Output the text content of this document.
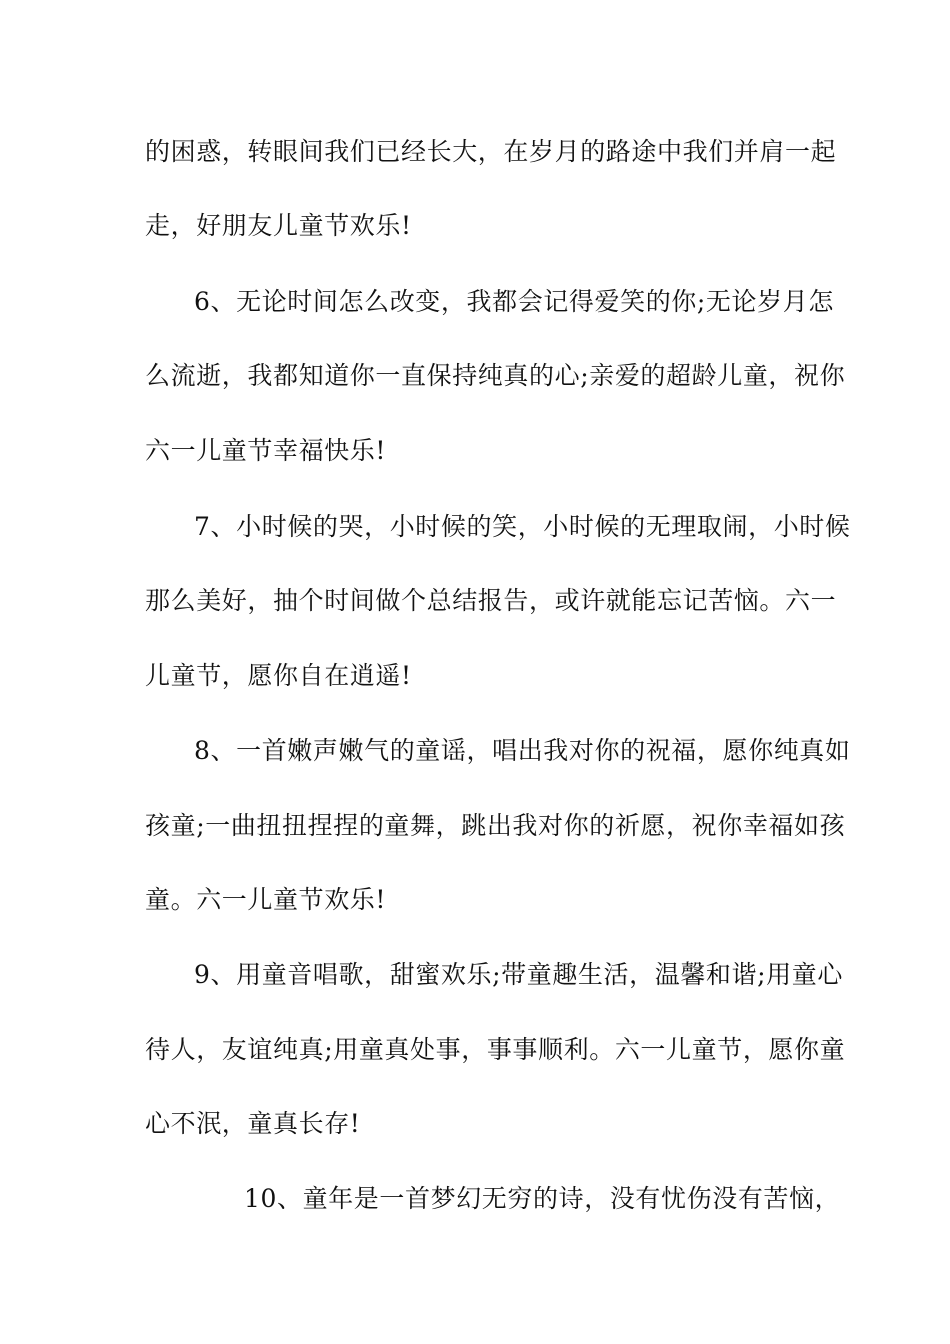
的困惑，转眼间我们已经长大，在岁月的路途中我们并肩一起
走，好朋友儿童节欢乐!
6、无论时间怎么改变，我都会记得爱笑的你;无论岁月怎
么流逝，我都知道你一直保持纯真的心;亲爱的超龄儿童，祝你
六一儿童节幸福快乐!
7、小时候的哭，小时候的笑，小时候的无理取闹，小时候
那么美好，抽个时间做个总结报告，或许就能忘记苦恼。六一
儿童节，愿你自在逍遥!
8、一首嫩声嫩气的童谣，唱出我对你的祝福，愿你纯真如
孩童;一曲扭扭捏捏的童舞，跳出我对你的祈愿，祝你幸福如孩
童。六一儿童节欢乐!
9、用童音唱歌，甜蜜欢乐;带童趣生活，温馨和谐;用童心
待人，友谊纯真;用童真处事，事事顺利。六一儿童节，愿你童
心不泯，童真长存!
10、童年是一首梦幻无穷的诗，没有忧伤没有苦恼，
